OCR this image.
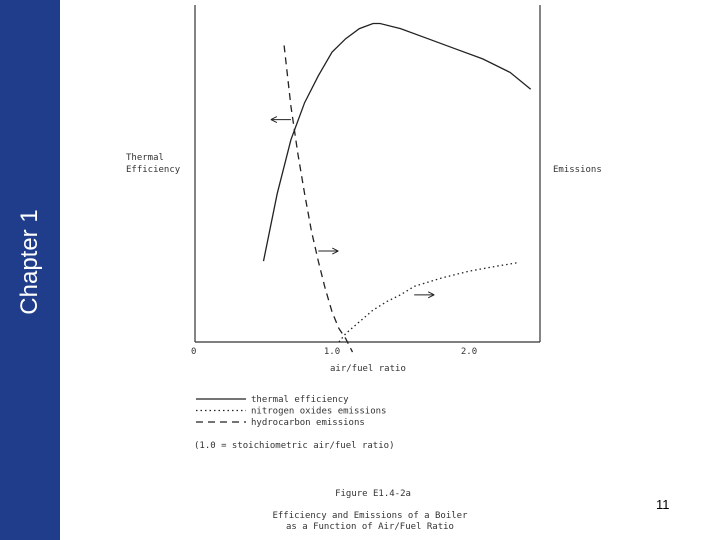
Chapter 1
Thermal
Efficiency	Emissions
air/fuel ratio
0	1.0	2.0
thermal efficiency
nitrogen oxides emissions
hydrocarbon emissions
(1.0 = stoichiometric air/fuel ratio)
Figure E1.4-2a
Efficiency and Emissions of a Boiler
as a Function of Air/Fuel Ratio
11
